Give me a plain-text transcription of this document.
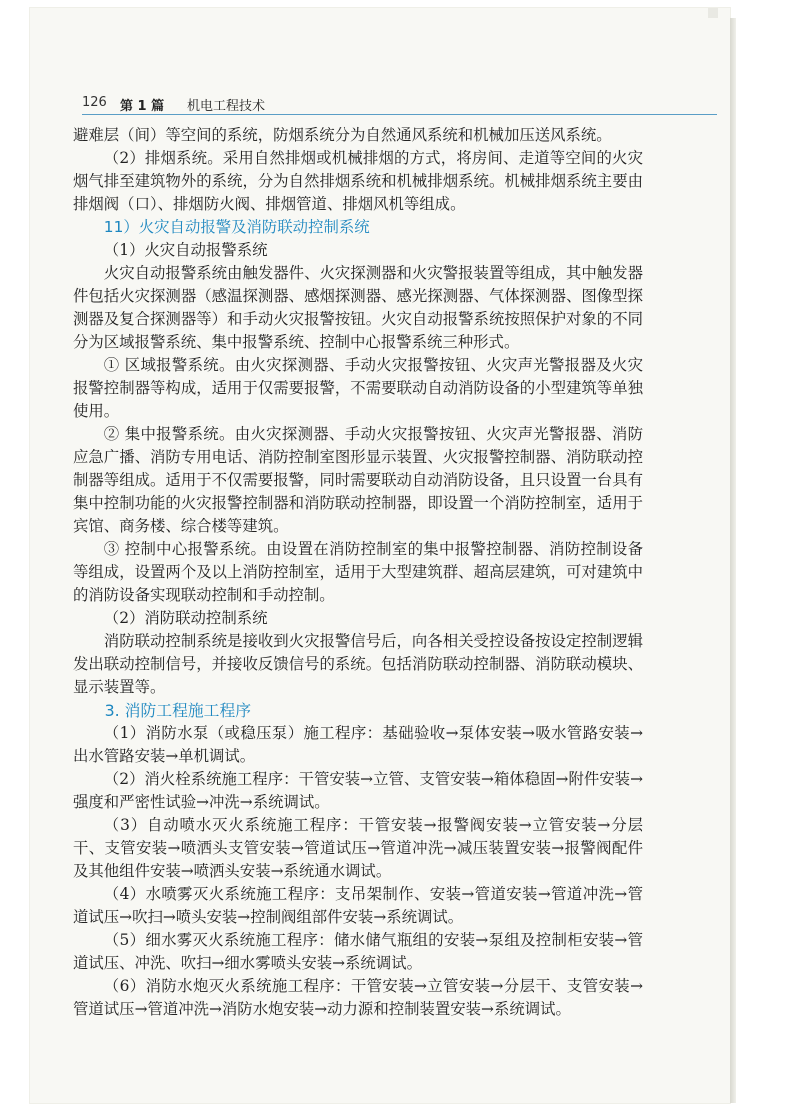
126 第 1 篇 机电工程技术

避难层（间）等空间的系统，防烟系统分为自然通风系统和机械加压送风系统。

（2）排烟系统。采用自然排烟或机械排烟的方式，将房间、走道等空间的火灾烟气排至建筑物外的系统，分为自然排烟系统和机械排烟系统。机械排烟系统主要由排烟阀（口）、排烟防火阀、排烟管道、排烟风机等组成。

11）火灾自动报警及消防联动控制系统

（1）火灾自动报警系统

火灾自动报警系统由触发器件、火灾探测器和火灾警报装置等组成，其中触发器件包括火灾探测器（感温探测器、感烟探测器、感光探测器、气体探测器、图像型探测器及复合探测器等）和手动火灾报警按钮。火灾自动报警系统按照保护对象的不同分为区域报警系统、集中报警系统、控制中心报警系统三种形式。

① 区域报警系统。由火灾探测器、手动火灾报警按钮、火灾声光警报器及火灾报警控制器等构成，适用于仅需要报警，不需要联动自动消防设备的小型建筑等单独使用。

② 集中报警系统。由火灾探测器、手动火灾报警按钮、火灾声光警报器、消防应急广播、消防专用电话、消防控制室图形显示装置、火灾报警控制器、消防联动控制器等组成。适用于不仅需要报警，同时需要联动自动消防设备，且只设置一台具有集中控制功能的火灾报警控制器和消防联动控制器，即设置一个消防控制室，适用于宾馆、商务楼、综合楼等建筑。

③ 控制中心报警系统。由设置在消防控制室的集中报警控制器、消防控制设备等组成，设置两个及以上消防控制室，适用于大型建筑群、超高层建筑，可对建筑中的消防设备实现联动控制和手动控制。

（2）消防联动控制系统

消防联动控制系统是接收到火灾报警信号后，向各相关受控设备按设定控制逻辑发出联动控制信号，并接收反馈信号的系统。包括消防联动控制器、消防联动模块、显示装置等。

3. 消防工程施工程序

（1）消防水泵（或稳压泵）施工程序：基础验收→泵体安装→吸水管路安装→出水管路安装→单机调试。

（2）消火栓系统施工程序：干管安装→立管、支管安装→箱体稳固→附件安装→强度和严密性试验→冲洗→系统调试。

（3）自动喷水灭火系统施工程序：干管安装→报警阀安装→立管安装→分层干、支管安装→喷洒头支管安装→管道试压→管道冲洗→减压装置安装→报警阀配件及其他组件安装→喷洒头安装→系统通水调试。

（4）水喷雾灭火系统施工程序：支吊架制作、安装→管道安装→管道冲洗→管道试压→吹扫→喷头安装→控制阀组部件安装→系统调试。

（5）细水雾灭火系统施工程序：储水储气瓶组的安装→泵组及控制柜安装→管道试压、冲洗、吹扫→细水雾喷头安装→系统调试。

（6）消防水炮灭火系统施工程序：干管安装→立管安装→分层干、支管安装→管道试压→管道冲洗→消防水炮安装→动力源和控制装置安装→系统调试。
